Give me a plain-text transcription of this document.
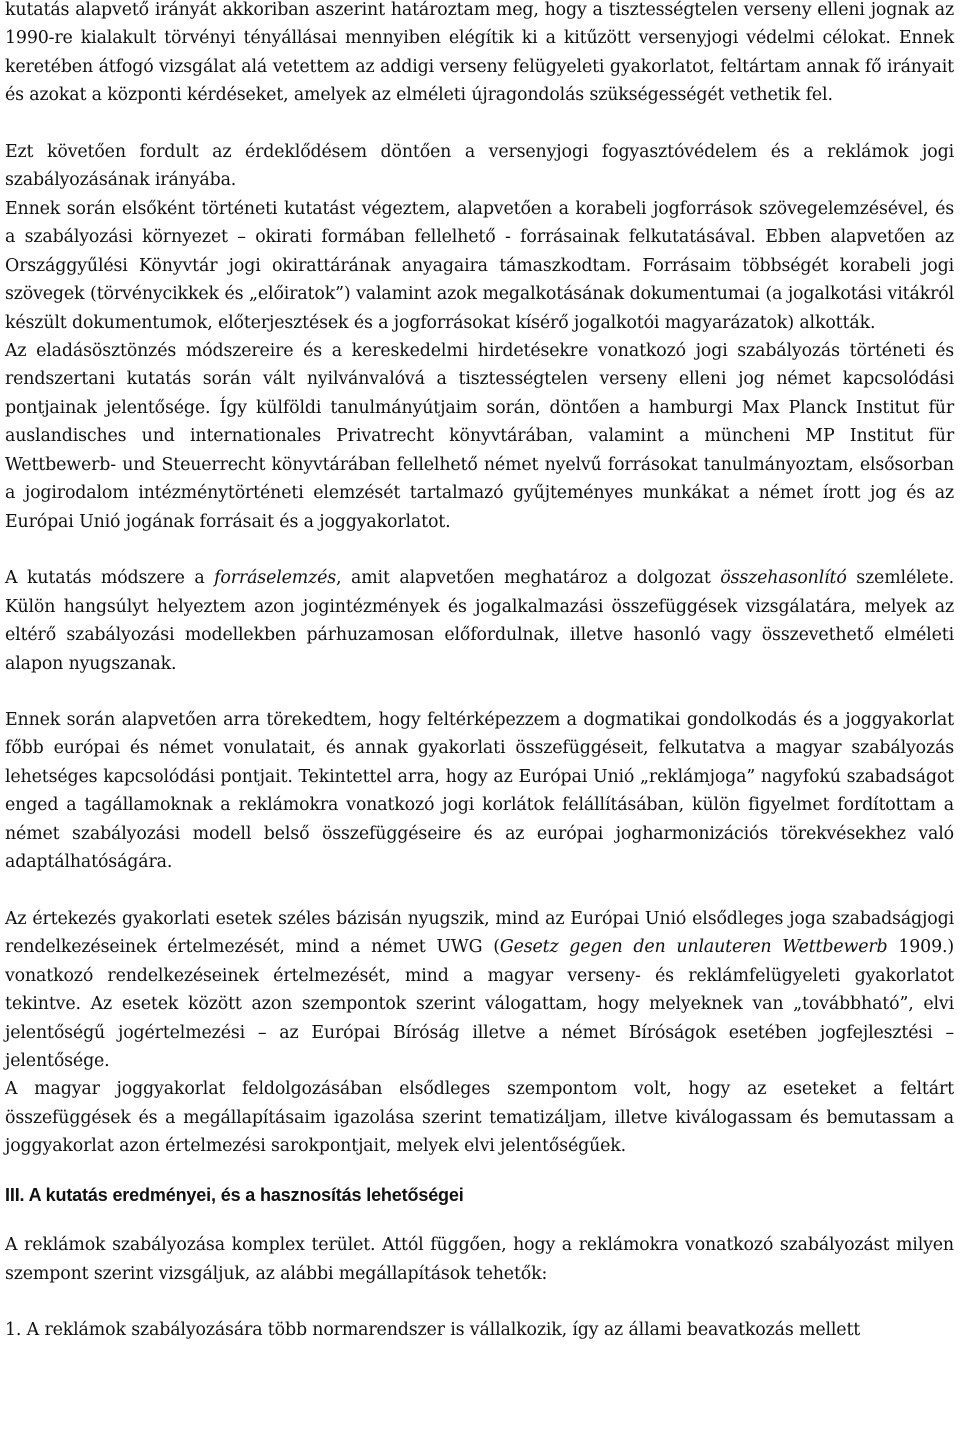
kutatás alapvető irányát akkoriban aszerint határoztam meg, hogy a tisztességtelen verseny elleni jognak az 1990-re kialakult törvényi tényállásai mennyiben elégítik ki a kitűzött versenyjogi védelmi célokat. Ennek keretében átfogó vizsgálat alá vetettem az addigi verseny felügyeleti gyakorlatot, feltártam annak fő irányait és azokat a központi kérdéseket, amelyek az elméleti újragondolás szükségességét vethetik fel.

Ezt követően fordult az érdeklődésem döntően a versenyjogi fogyasztóvédelem és a reklámok jogi szabályozásának irányába.

Ennek során elsőként történeti kutatást végeztem, alapvetően a korabeli jogforrások szövegelemzésével, és a szabályozási környezet – okirati formában fellelhető - forrásainak felkutatásával. Ebben alapvetően az Országgyűlési Könyvtár jogi okirattárának anyagaira támaszkodtam. Forrásaim többségét korabeli jogi szövegek (törvénycikkek és „előiratok”) valamint azok megalkotásának dokumentumai (a jogalkotási vitákról készült dokumentumok, előterjesztések és a jogforrásokat kísérő jogalkotói magyarázatok) alkották.

Az eladásösztönzés módszereire és a kereskedelmi hirdetésekre vonatkozó jogi szabályozás történeti és rendszertani kutatás során vált nyilvánvalóvá a tisztességtelen verseny elleni jog német kapcsolódási pontjainak jelentősége. Így külföldi tanulmányútjaim során, döntően a hamburgi Max Planck Institut für auslandisches und internationales Privatrecht könyvtárában, valamint a müncheni MP Institut für Wettbewerb- und Steuerrecht könyvtárában fellelhető német nyelvű forrásokat tanulmányoztam, elsősorban a jogirodalom intézménytörténeti elemzését tartalmazó gyűjteményes munkákat a német írott jog és az Európai Unió jogának forrásait és a joggyakorlatot.

A kutatás módszere a forráselemzés, amit alapvetően meghatároz a dolgozat összehasonlító szemlélete. Külön hangsúlyt helyeztem azon jogintézmények és jogalkalmazási összefüggések vizsgálatára, melyek az eltérő szabályozási modellekben párhuzamosan előfordulnak, illetve hasonló vagy összevethető elméleti alapon nyugszanak.

Ennek során alapvetően arra törekedtem, hogy feltérképezzem a dogmatikai gondolkodás és a joggyakorlat főbb európai és német vonulatait, és annak gyakorlati összefüggéseit, felkutatva a magyar szabályozás lehetséges kapcsolódási pontjait. Tekintettel arra, hogy az Európai Unió „reklámjoga” nagyfokú szabadságot enged a tagállamoknak a reklámokra vonatkozó jogi korlátok felállításában, külön figyelmet fordítottam a német szabályozási modell belső összefüggéseire és az európai jogharmonizációs törekvésekhez való adaptálhatóságára.

Az értekezés gyakorlati esetek széles bázisán nyugszik, mind az Európai Unió elsődleges joga szabadságjogi rendelkezéseinek értelmezését, mind a német UWG (Gesetz gegen den unlauteren Wettbewerb 1909.) vonatkozó rendelkezéseinek értelmezését, mind a magyar verseny- és reklámfelügyeleti gyakorlatot tekintve. Az esetek között azon szempontok szerint válogattam, hogy melyeknek van „továbbható”, elvi jelentőségű jogértelmezési – az Európai Bíróság illetve a német Bíróságok esetében jogfejlesztési – jelentősége.

A magyar joggyakorlat feldolgozásában elsődleges szempontom volt, hogy az eseteket a feltárt összefüggések és a megállapításaim igazolása szerint tematizáljam, illetve kiválogassam és bemutassam a joggyakorlat azon értelmezési sarokpontjait, melyek elvi jelentőségűek.

III. A kutatás eredményei, és a hasznosítás lehetőségei

A reklámok szabályozása komplex terület. Attól függően, hogy a reklámokra vonatkozó szabályozást milyen szempont szerint vizsgáljuk, az alábbi megállapítások tehetők:

1. A reklámok szabályozására több normarendszer is vállalkozik, így az állami beavatkozás mellett
